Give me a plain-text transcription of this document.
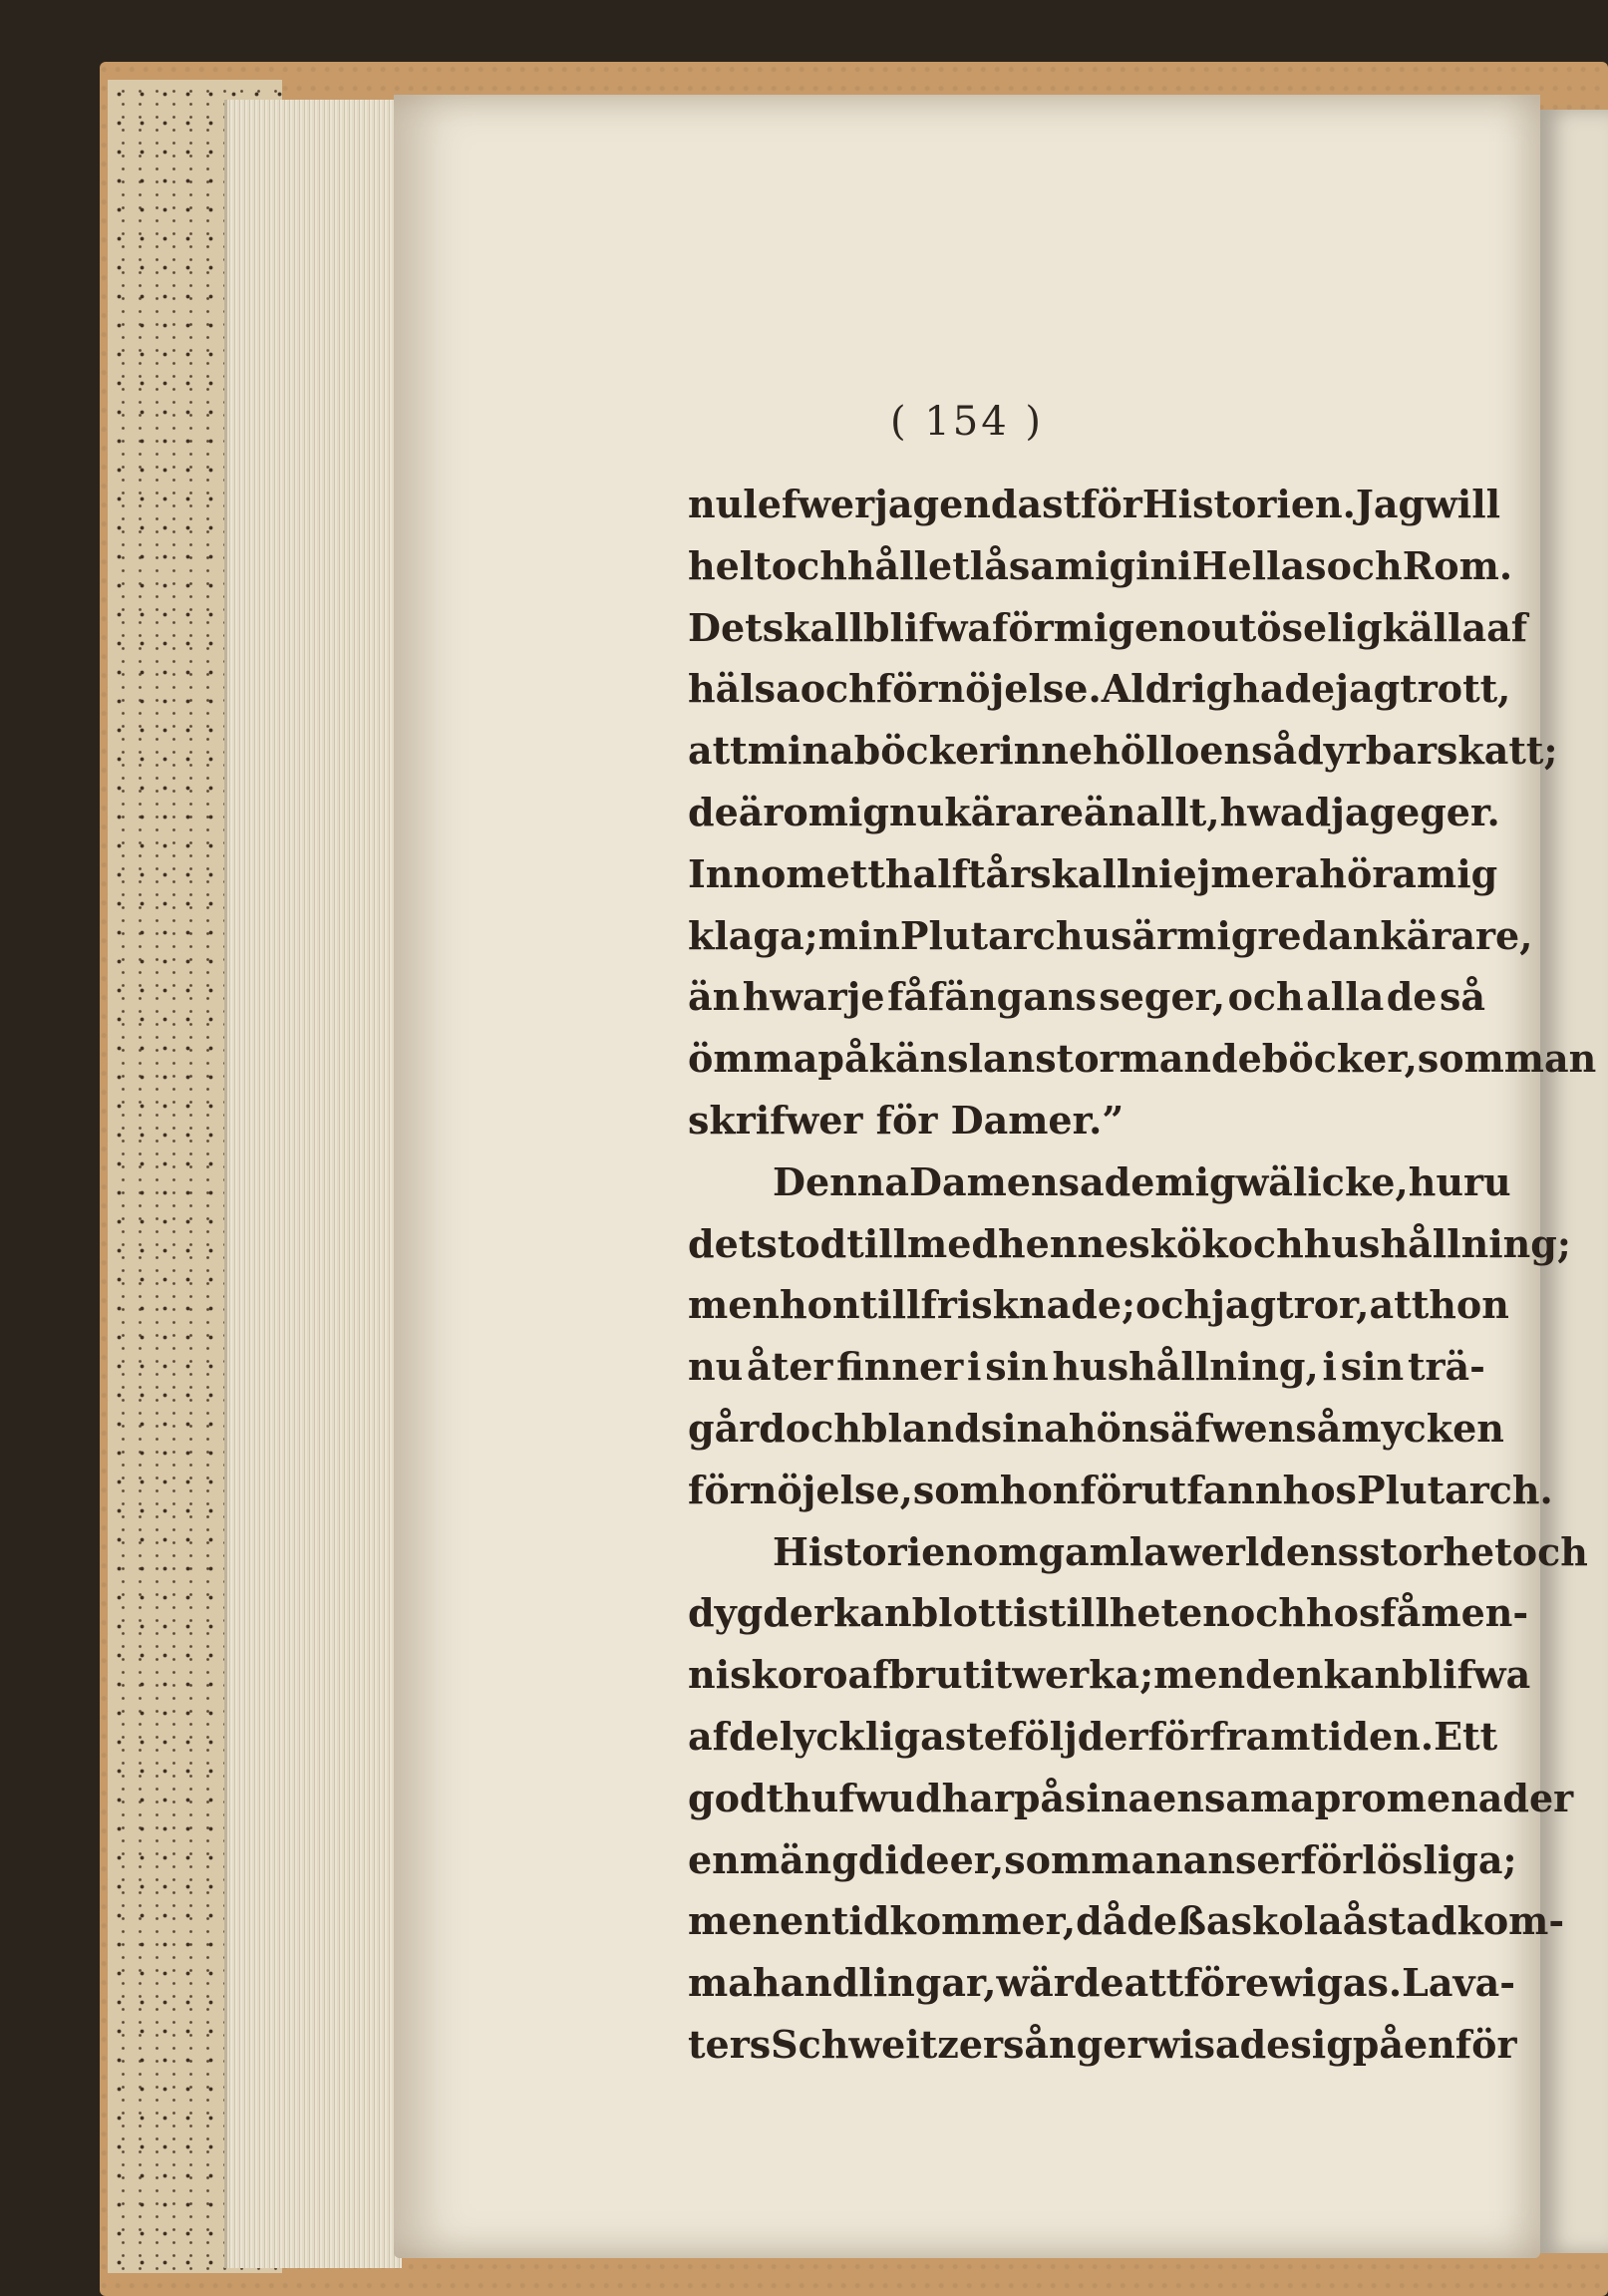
( 154 )
nu lefwer jag endast för Historien. Jag will
helt och hållet låsa mig in i Hellas och Rom.
Det skall blifwa för mig en outöselig källa af
hälsa och förnöjelse. Aldrig hade jag trott,
att mina böcker innehöllo en så dyrbar skatt;
de äro mig nu kärare än allt, hwad jag eger.
Innom ett halft år skall ni ej mera höra mig
klaga; min Plutarchus är mig redan kärare,
än hwarje fåfängans seger, och alla de så
ömma på känslan stormande böcker, som man
skrifwer för Damer.”
Denna Damen sade mig wäl icke, huru
det stod till med hennes kök och hushållning;
men hon tillfrisknade; och jag tror, att hon
nu åter finner i sin hushållning, i sin trä-
gård och bland sina höns äfwen så mycken
förnöjelse, som hon förut fann hos Plutarch.
Historien om gamla werldens storhet och
dygder kan blott i stillheten och hos få men-
niskor oafbrutit werka; men den kan blifwa
af de lyckligaste följder för framtiden. Ett
godt hufwud har på sina ensama promenader
en mängd ideer, som man anser för lösliga;
men en tid kommer, då deßa skola åstadkom-
ma handlingar, wärde att förewigas. Lava-
ters Schweitzersånger wisade sig på en för
